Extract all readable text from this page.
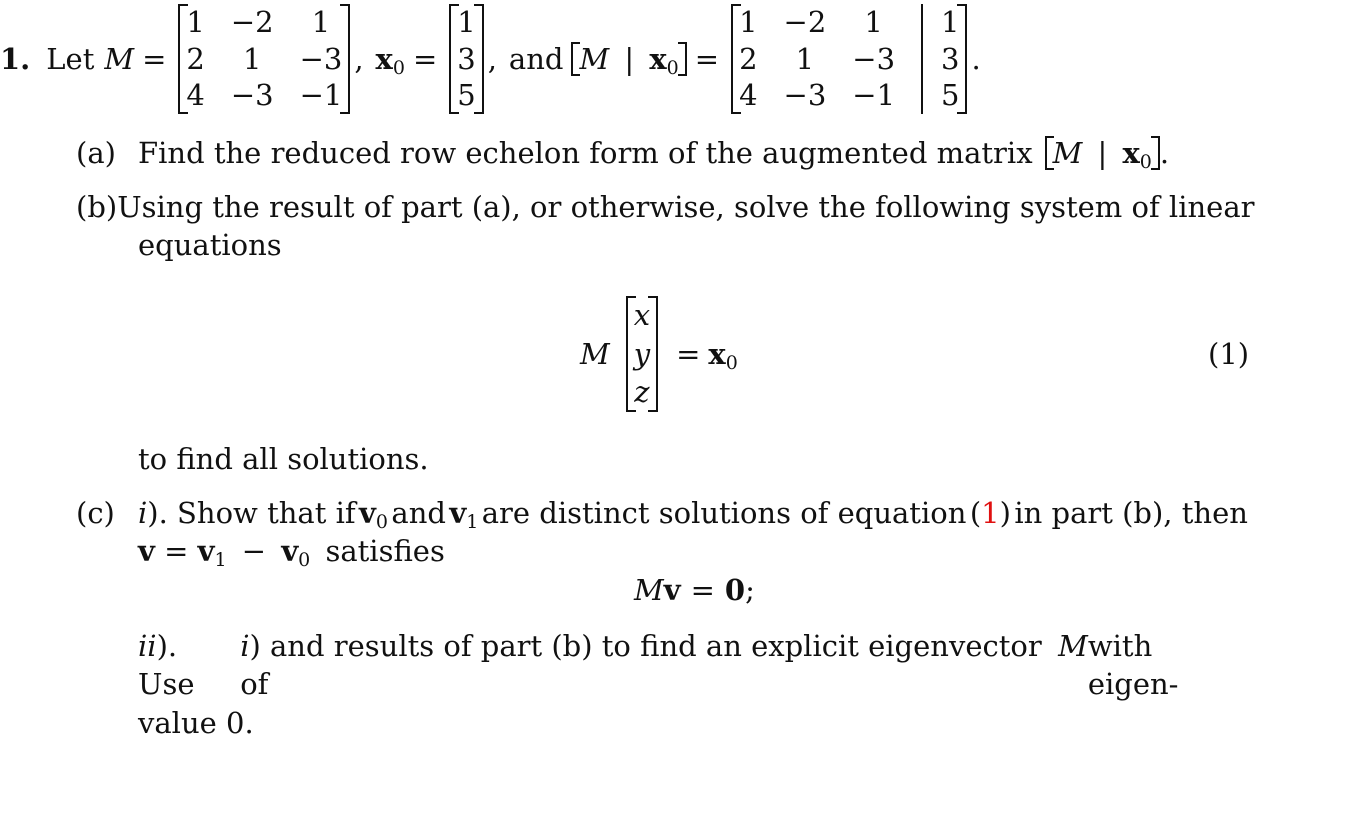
1. Let M =
1 −2	1
2	1	−3
4 −3 −1
, $x_0$ =
1
3
5
, and M | $x_0$ =
1 −2	1	1
2	1	−3	3
4 −3 −1	5
.
(a) Find the reduced row echelon form of the augmented matrix M | $x_0$ .
(b) Using the result of part (a), or otherwise, solve the following system of linear
equations
M
x
y
z
= $x_0$	(1)
to find all solutions.
(c) i). Show that if $v_0$ and $v_1$ are distinct solutions of equation (1) in part (b), then
$v = v_1 - v_0$ satisfies
M v = 0 ;
ii). Use
i) and results of part (b) to find an explicit eigenvector of
M with eigen-
value 0.
